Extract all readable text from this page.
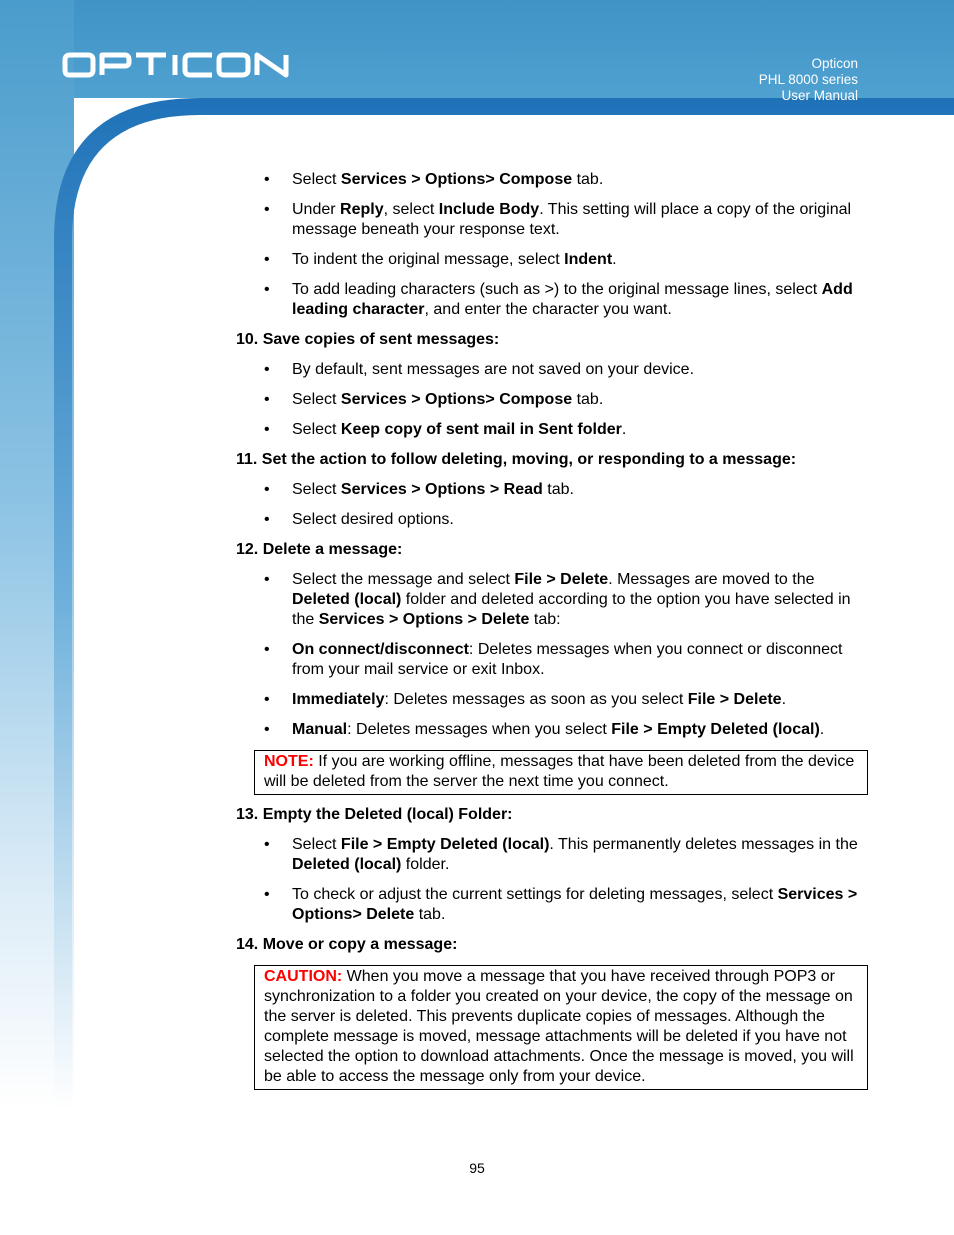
Opticon
PHL 8000 series
User Manual
• Select Services > Options> Compose tab.
• Under Reply, select Include Body. This setting will place a copy of the original message beneath your response text.
• To indent the original message, select Indent.
• To add leading characters (such as >) to the original message lines, select Add leading character, and enter the character you want.
10. Save copies of sent messages:
• By default, sent messages are not saved on your device.
• Select Services > Options> Compose tab.
• Select Keep copy of sent mail in Sent folder.
11. Set the action to follow deleting, moving, or responding to a message:
• Select Services > Options > Read tab.
• Select desired options.
12. Delete a message:
• Select the message and select File > Delete. Messages are moved to the Deleted (local) folder and deleted according to the option you have selected in the Services > Options > Delete tab:
• On connect/disconnect: Deletes messages when you connect or disconnect from your mail service or exit Inbox.
• Immediately: Deletes messages as soon as you select File > Delete.
• Manual: Deletes messages when you select File > Empty Deleted (local).
NOTE: If you are working offline, messages that have been deleted from the device will be deleted from the server the next time you connect.
13. Empty the Deleted (local) Folder:
• Select File > Empty Deleted (local). This permanently deletes messages in the Deleted (local) folder.
• To check or adjust the current settings for deleting messages, select Services > Options> Delete tab.
14. Move or copy a message:
CAUTION: When you move a message that you have received through POP3 or synchronization to a folder you created on your device, the copy of the message on the server is deleted. This prevents duplicate copies of messages. Although the complete message is moved, message attachments will be deleted if you have not selected the option to download attachments. Once the message is moved, you will be able to access the message only from your device.
95
